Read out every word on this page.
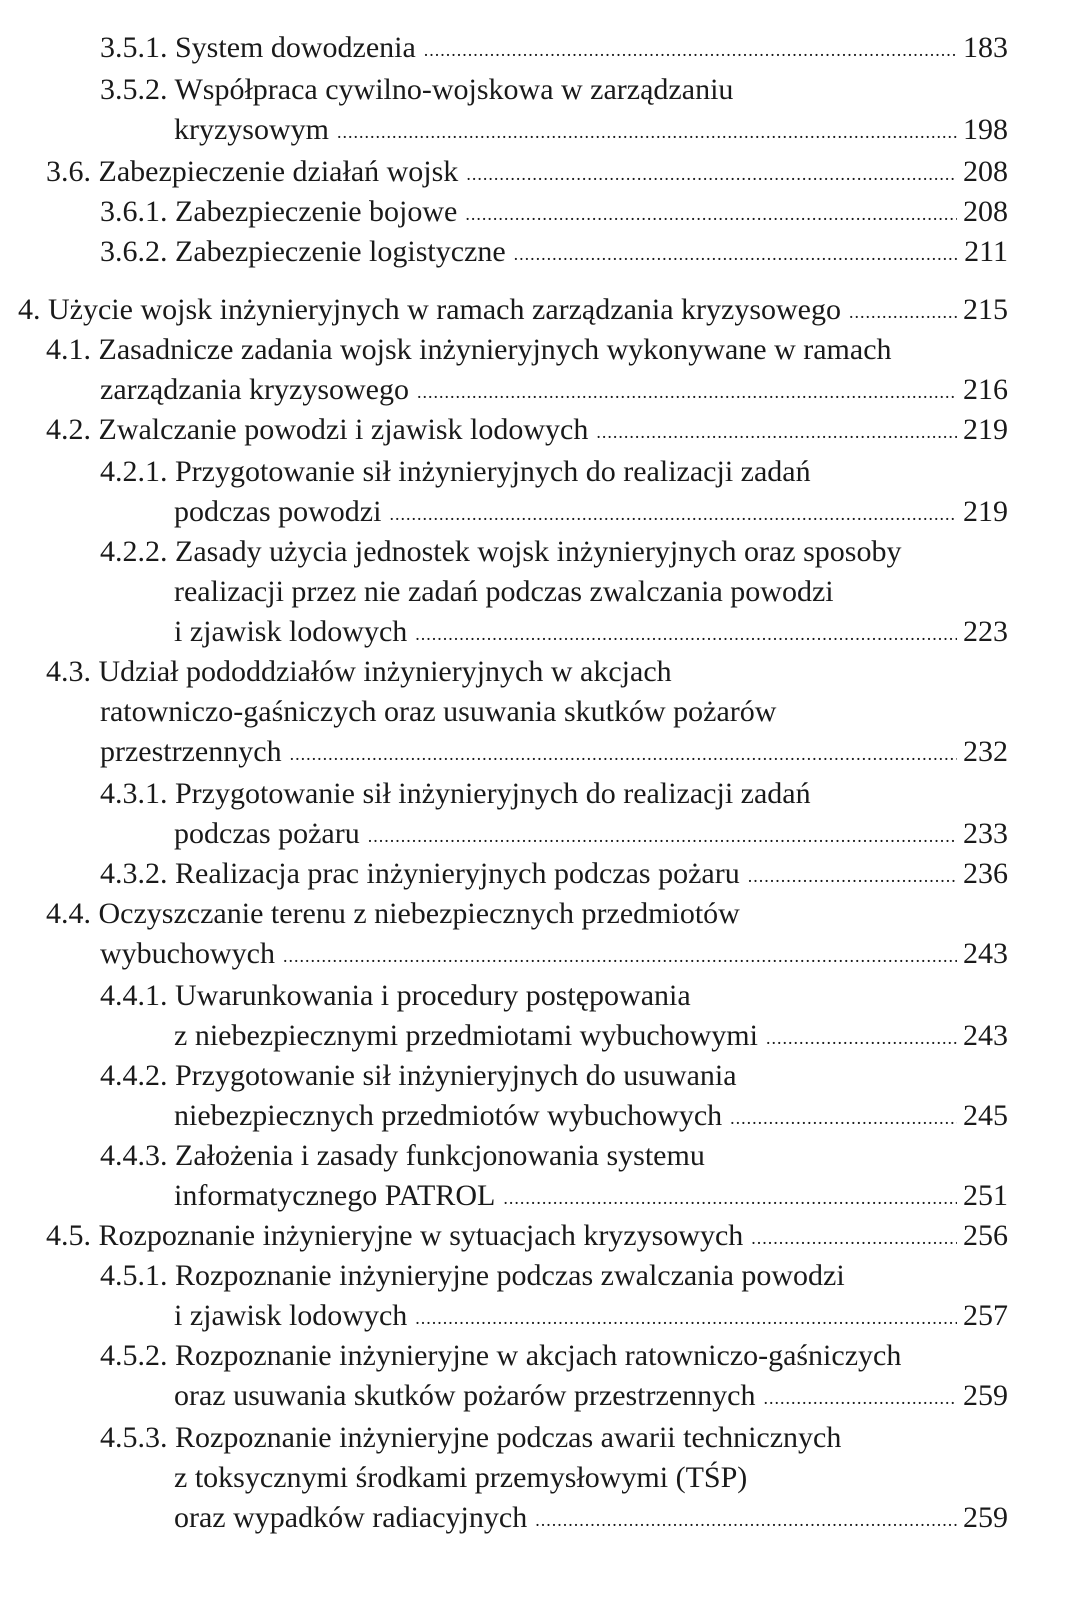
3.5.1. System dowodzenia .....	183
3.5.2. Współpraca cywilno-wojskowa w zarządzaniu
kryzysowym .....	198
3.6. Zabezpieczenie działań wojsk .....	208
3.6.1. Zabezpieczenie bojowe .....	208
3.6.2. Zabezpieczenie logistyczne .....	211
4. Użycie wojsk inżynieryjnych w ramach zarządzania kryzysowego .....	215
4.1. Zasadnicze zadania wojsk inżynieryjnych wykonywane w ramach
zarządzania kryzysowego .....	216
4.2. Zwalczanie powodzi i zjawisk lodowych .....	219
4.2.1. Przygotowanie sił inżynieryjnych do realizacji zadań
podczas powodzi .....	219
4.2.2. Zasady użycia jednostek wojsk inżynieryjnych oraz sposoby
realizacji przez nie zadań podczas zwalczania powodzi
i zjawisk lodowych .....	223
4.3. Udział pododdziałów inżynieryjnych w akcjach
ratowniczo-gaśniczych oraz usuwania skutków pożarów
przestrzennych .....	232
4.3.1. Przygotowanie sił inżynieryjnych do realizacji zadań
podczas pożaru .....	233
4.3.2. Realizacja prac inżynieryjnych podczas pożaru .....	236
4.4. Oczyszczanie terenu z niebezpiecznych przedmiotów
wybuchowych .....	243
4.4.1. Uwarunkowania i procedury postępowania
z niebezpiecznymi przedmiotami wybuchowymi .....	243
4.4.2. Przygotowanie sił inżynieryjnych do usuwania
niebezpiecznych przedmiotów wybuchowych .....	245
4.4.3. Założenia i zasady funkcjonowania systemu
informatycznego PATROL .....	251
4.5. Rozpoznanie inżynieryjne w sytuacjach kryzysowych .....	256
4.5.1. Rozpoznanie inżynieryjne podczas zwalczania powodzi
i zjawisk lodowych .....	257
4.5.2. Rozpoznanie inżynieryjne w akcjach ratowniczo-gaśniczych
oraz usuwania skutków pożarów przestrzennych .....	259
4.5.3. Rozpoznanie inżynieryjne podczas awarii technicznych
z toksycznymi środkami przemysłowymi (TŚP)
oraz wypadków radiacyjnych .....	259
